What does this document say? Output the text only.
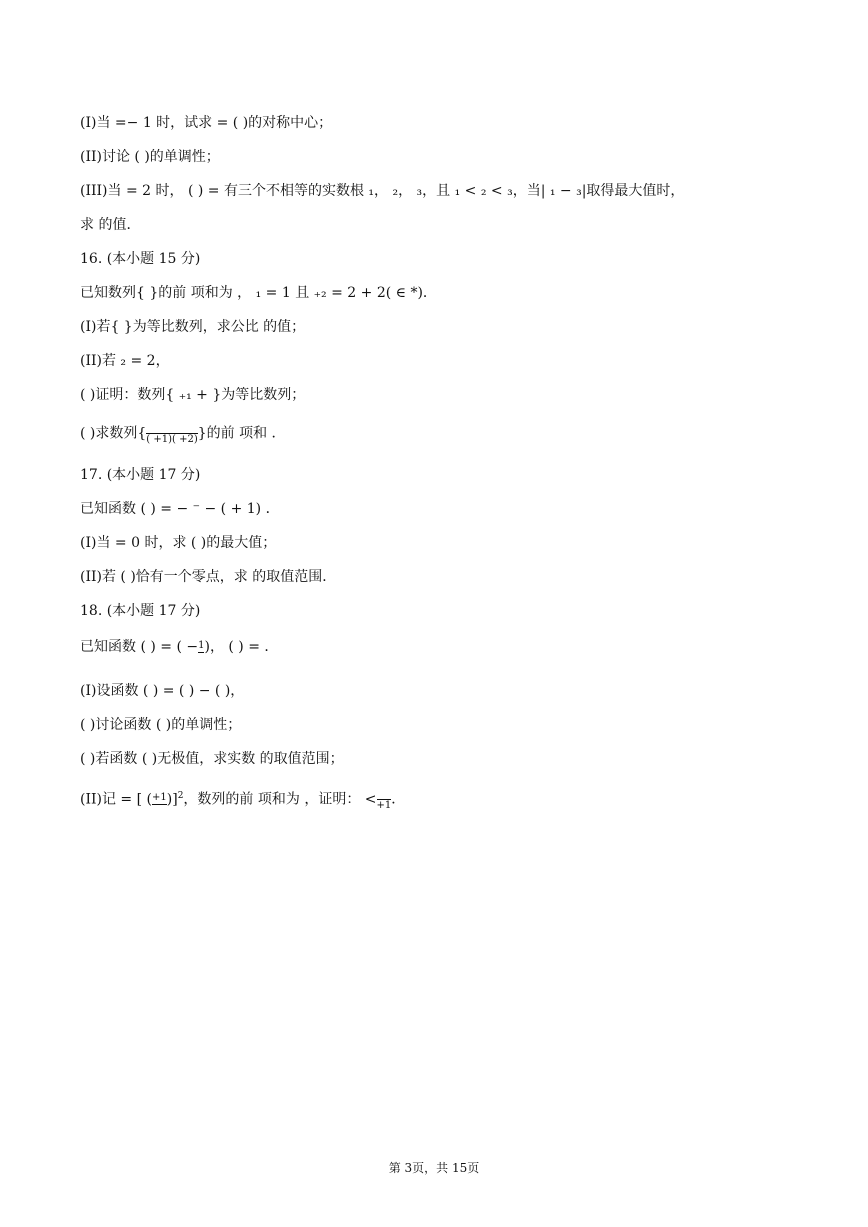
(I)当 =− 1 时，试求 = ( )的对称中心；
(II)讨论 ( )的单调性；
(III)当 = 2 时， ( ) = 有三个不相等的实数根 ₁， ₂， ₃，且 ₁ < ₂ < ₃，当| ₁ − ₃|取得最大值时，
求 的值．
16. (本小题 15 分)
已知数列{ }的前 项和为 ， ₁ = 1 且 ₊₂ = 2 + 2( ∈ *)．
(I)若{ }为等比数列，求公比 的值；
(II)若 ₂ = 2，
( )证明：数列{ ₊₁ + }为等比数列；
( )求数列{
( +1)( +2) }的前 项和 ．
17. (本小题 17 分)
已知函数 ( ) = − ⁻ − ( + 1) ．
(I)当 = 0 时，求 ( )的最大值；
(II)若 ( )恰有一个零点，求 的取值范围．
18. (本小题 17 分)
已知函数 ( ) = ( − 1 )， ( ) = ．
(I)设函数 ( ) = ( ) − ( )，
( )讨论函数 ( )的单调性；
( )若函数 ( )无极值，求实数 的取值范围；
(II)记 = [ ( +1 )]$^2$，数列的前 项和为 ，证明： <
+1 ．
第 3页，共 15页
